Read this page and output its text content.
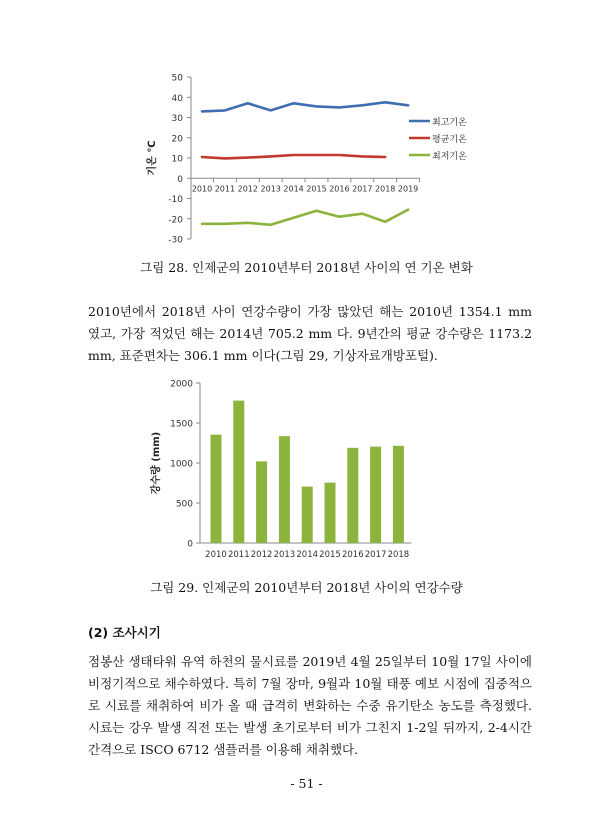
기온 ℃
50
40
30
20
10
0
-10
-20
-30
2010 2011 2012 2013 2014 2015 2016 2017 2018 2019
최고기온
평균기온
최저기온
그림 28. 인제군의 2010년부터 2018년 사이의 연 기온 변화

2010년에서 2018년 사이 연강수량이 가장 많았던 해는 2010년 1354.1 mm 였고, 가장 적었던 해는 2014년 705.2 mm 다. 9년간의 평균 강수량은 1173.2 mm, 표준편차는 306.1 mm 이다(그림 29, 기상자료개방포털).

강수량 (mm)
2000
1500
1000
500
0
2010 2011 2012 2013 2014 2015 2016 2017 2018
그림 29. 인제군의 2010년부터 2018년 사이의 연강수량
(2) 조사시기

점봉산 생태타워 유역 하천의 물시료를 2019년 4월 25일부터 10월 17일 사이에 비정기적으로 채수하였다. 특히 7월 장마, 9월과 10월 태풍 예보 시점에 집중적으로 시료를 채취하여 비가 올 때 급격히 변화하는 수중 유기탄소 농도를 측정했다. 시료는 강우 발생 직전 또는 발생 초기로부터 비가 그친지 1-2일 뒤까지, 2-4시간 간격으로 ISCO 6712 샘플러를 이용해 채취했다.

- 51 -
